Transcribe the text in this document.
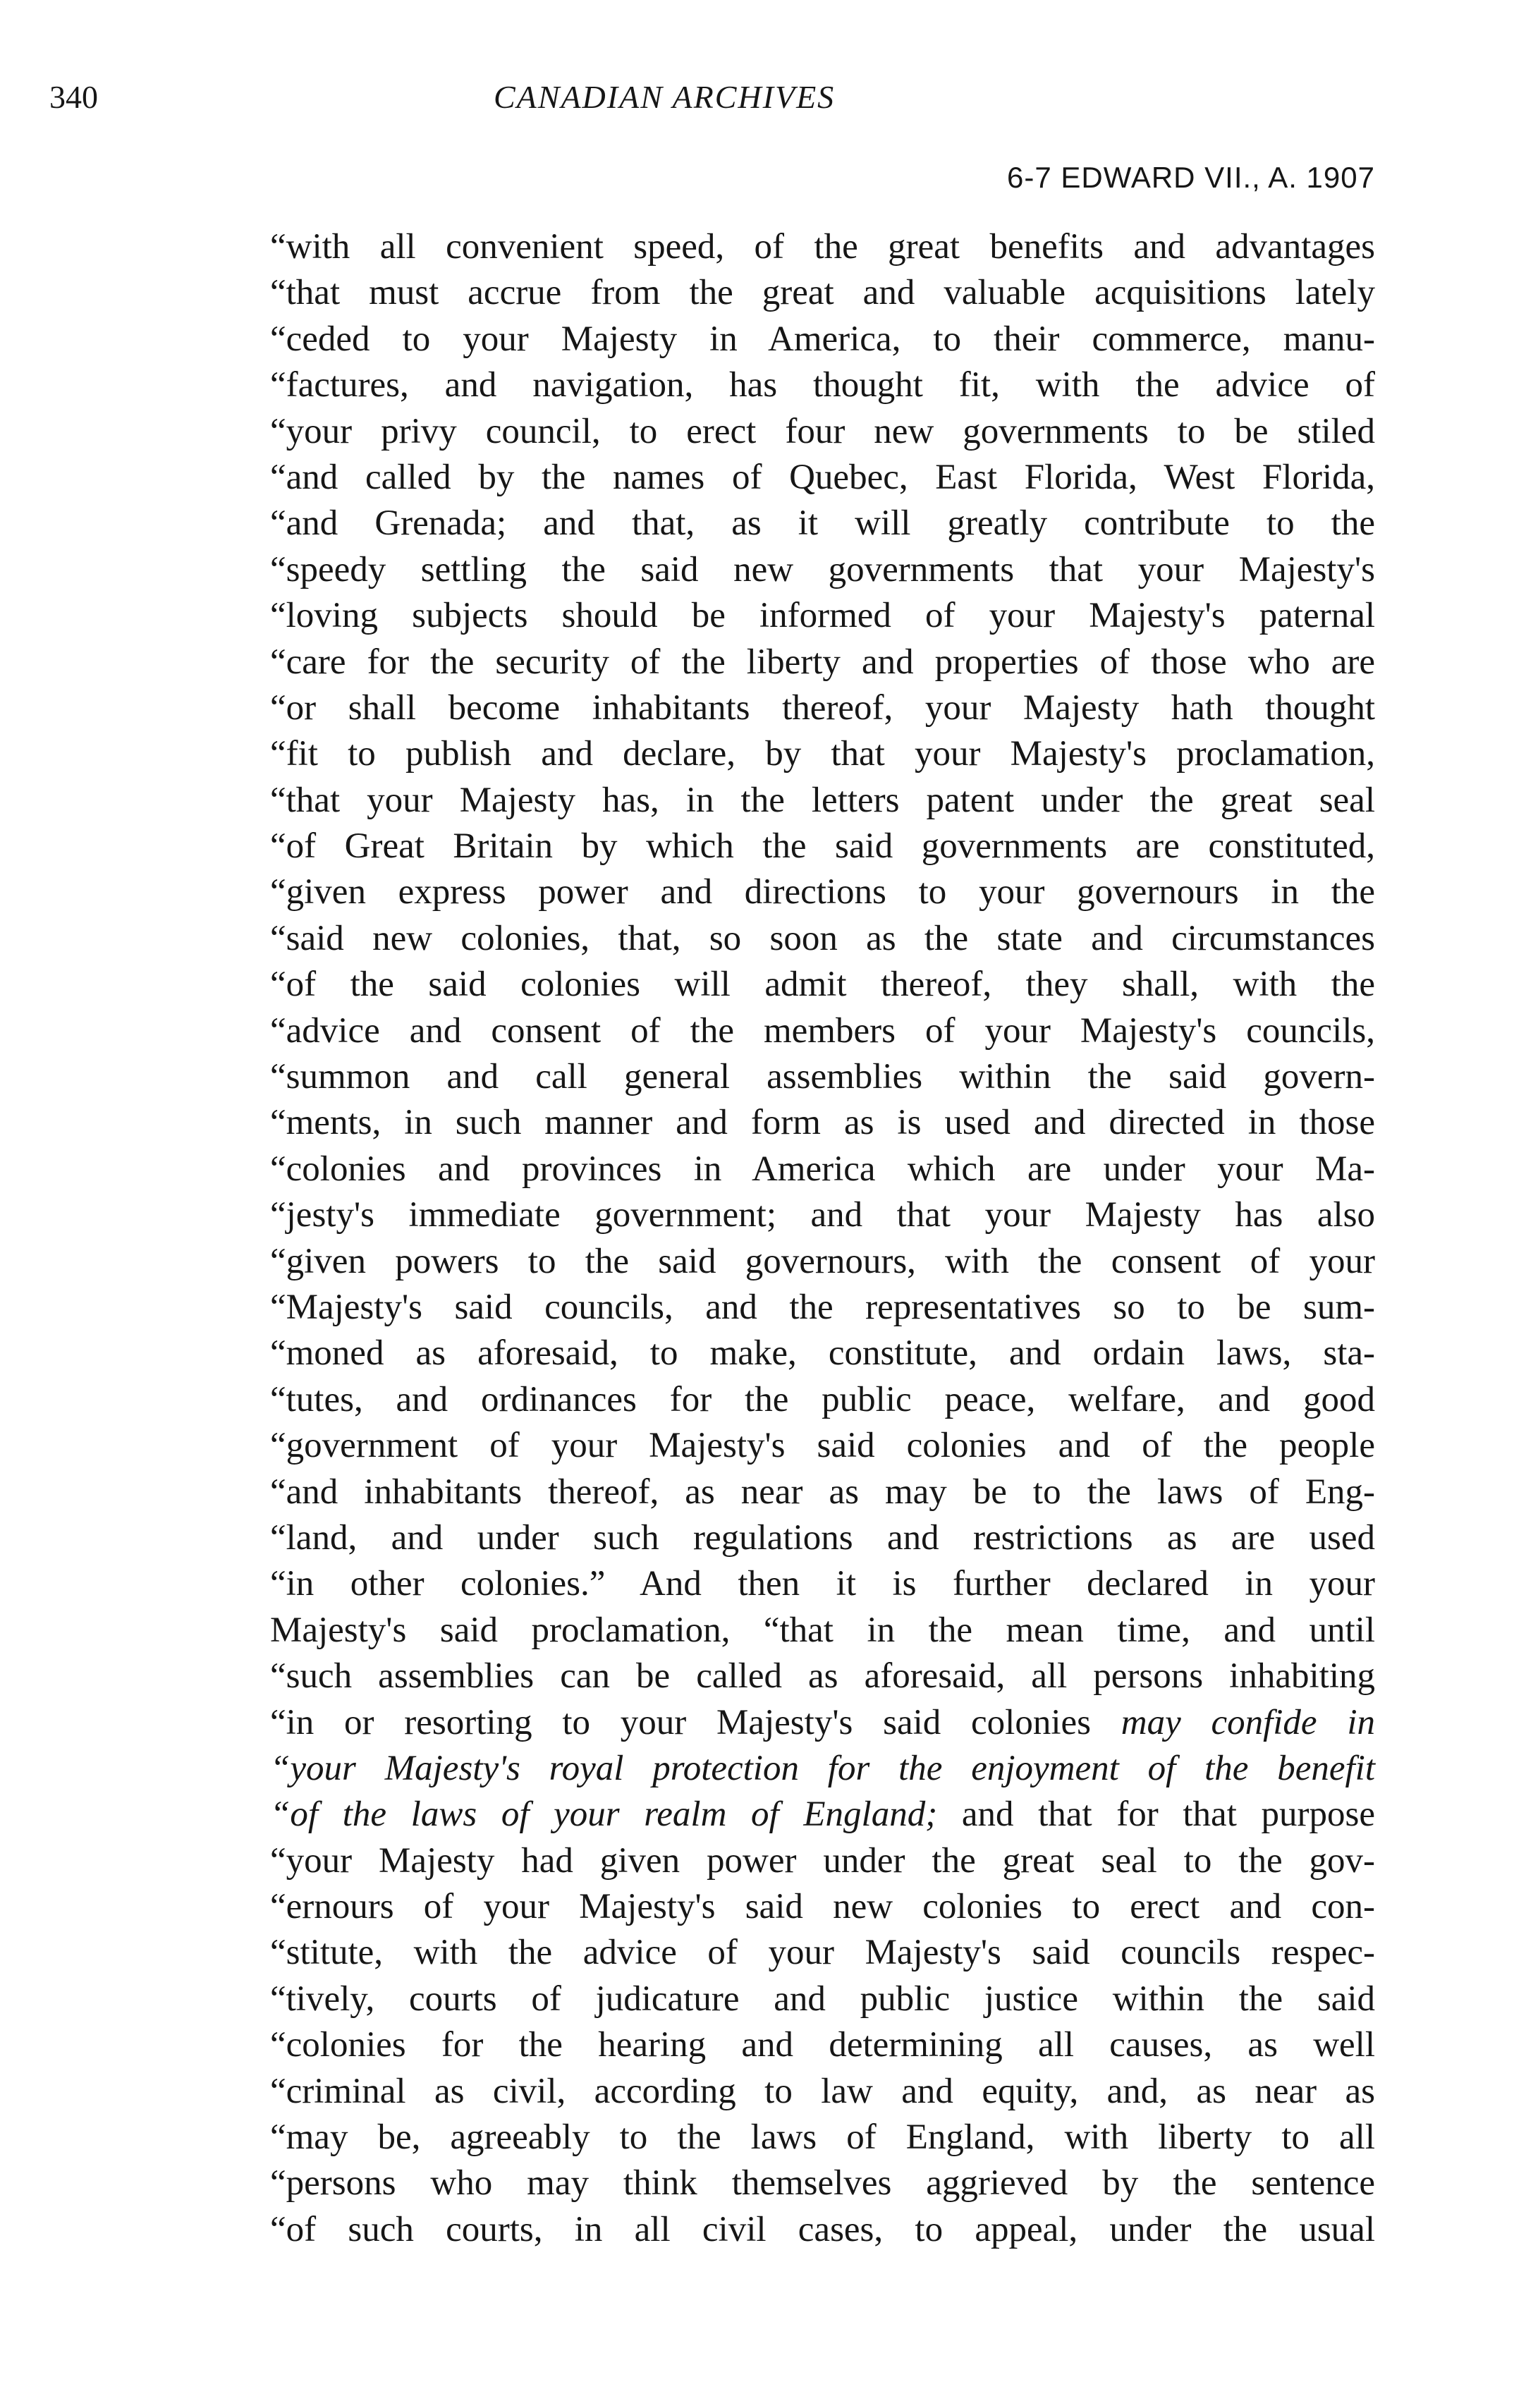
340	CANADIAN ARCHIVES
6-7 EDWARD VII., A. 1907
“with all convenient speed, of the great benefits and advantages
“that must accrue from the great and valuable acquisitions lately
“ceded to your Majesty in America, to their commerce, manu-
“factures, and navigation, has thought fit, with the advice of
“your privy council, to erect four new governments to be stiled
“and called by the names of Quebec, East Florida, West Florida,
“and Grenada; and that, as it will greatly contribute to the
“speedy settling the said new governments that your Majesty's
“loving subjects should be informed of your Majesty's paternal
“care for the security of the liberty and properties of those who are
“or shall become inhabitants thereof, your Majesty hath thought
“fit to publish and declare, by that your Majesty's proclamation,
“that your Majesty has, in the letters patent under the great seal
“of Great Britain by which the said governments are constituted,
“given express power and directions to your governours in the
“said new colonies, that, so soon as the state and circumstances
“of the said colonies will admit thereof, they shall, with the
“advice and consent of the members of your Majesty's councils,
“summon and call general assemblies within the said govern-
“ments, in such manner and form as is used and directed in those
“colonies and provinces in America which are under your Ma-
“jesty's immediate government; and that your Majesty has also
“given powers to the said governours, with the consent of your
“Majesty's said councils, and the representatives so to be sum-
“moned as aforesaid, to make, constitute, and ordain laws, sta-
“tutes, and ordinances for the public peace, welfare, and good
“government of your Majesty's said colonies and of the people
“and inhabitants thereof, as near as may be to the laws of Eng-
“land, and under such regulations and restrictions as are used
“in other colonies.” And then it is further declared in your
Majesty's said proclamation, “that in the mean time, and until
“such assemblies can be called as aforesaid, all persons inhabiting
“in or resorting to your Majesty's said colonies may confide in
“your Majesty's royal protection for the enjoyment of the benefit
“of the laws of your realm of England; and that for that purpose
“your Majesty had given power under the great seal to the gov-
“ernours of your Majesty's said new colonies to erect and con-
“stitute, with the advice of your Majesty's said councils respec-
“tively, courts of judicature and public justice within the said
“colonies for the hearing and determining all causes, as well
“criminal as civil, according to law and equity, and, as near as
“may be, agreeably to the laws of England, with liberty to all
“persons who may think themselves aggrieved by the sentence
“of such courts, in all civil cases, to appeal, under the usual
